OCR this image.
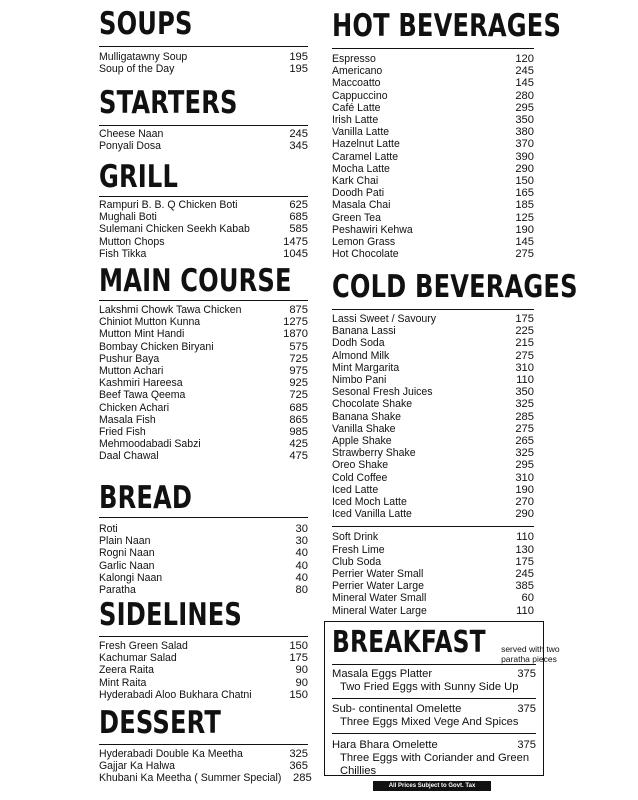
SOUPS
Mulligatawny Soup	195
Soup of the Day	195
STARTERS
Cheese Naan	245
Ponyali Dosa	345
GRILL
Rampuri B. B. Q Chicken Boti	625
Mughali Boti	685
Sulemani Chicken Seekh Kabab	585
Mutton Chops	1475
Fish Tikka	1045
MAIN COURSE
Lakshmi Chowk Tawa Chicken	875
Chiniot Mutton Kunna	1275
Mutton Mint Handi	1870
Bombay Chicken Biryani	575
Pushur Baya	725
Mutton Achari	975
Kashmiri Hareesa	925
Beef Tawa Qeema	725
Chicken Achari	685
Masala Fish	865
Fried Fish	985
Mehmoodabadi Sabzi	425
Daal Chawal	475
BREAD
Roti	30
Plain Naan	30
Rogni Naan	40
Garlic Naan	40
Kalongi Naan	40
Paratha	80
SIDELINES
Fresh Green Salad	150
Kachumar Salad	175
Zeera Raita	90
Mint Raita	90
Hyderabadi Aloo Bukhara Chatni	150
DESSERT
Hyderabadi Double Ka Meetha	325
Gajjar Ka Halwa	365
Khubani Ka Meetha ( Summer Special) 285
HOT BEVERAGES
Espresso	120
Americano	245
Maccoatto	145
Cappuccino	280
Café Latte	295
Irish Latte	350
Vanilla Latte	380
Hazelnut Latte	370
Caramel Latte	390
Mocha Latte	290
Kark Chai	150
Doodh Pati	165
Masala Chai	185
Green Tea	125
Peshawiri Kehwa	190
Lemon Grass	145
Hot Chocolate	275
COLD BEVERAGES
Lassi Sweet / Savoury	175
Banana Lassi	225
Dodh Soda	215
Almond Milk	275
Mint Margarita	310
Nimbo Pani	110
Sesonal Fresh Juices	350
Chocolate Shake	325
Banana Shake	285
Vanilla Shake	275
Apple Shake	265
Strawberry Shake	325
Oreo Shake	295
Cold Coffee	310
Iced Latte	190
Iced Moch Latte	270
Iced Vanilla Latte	290
Soft Drink	110
Fresh Lime	130
Club Soda	175
Perrier Water Small	245
Perrier Water Large	385
Mineral Water Small	60
Mineral Water Large	110
BREAKFAST served with two paratha pieces
Masala Eggs Platter	375
Two Fried Eggs with Sunny Side Up
Sub- continental Omelette	375
Three Eggs Mixed Vege And Spices
Hara Bhara Omelette	375
Three Eggs with Coriander and Green Chillies
All Prices Subject to Govt. Tax
